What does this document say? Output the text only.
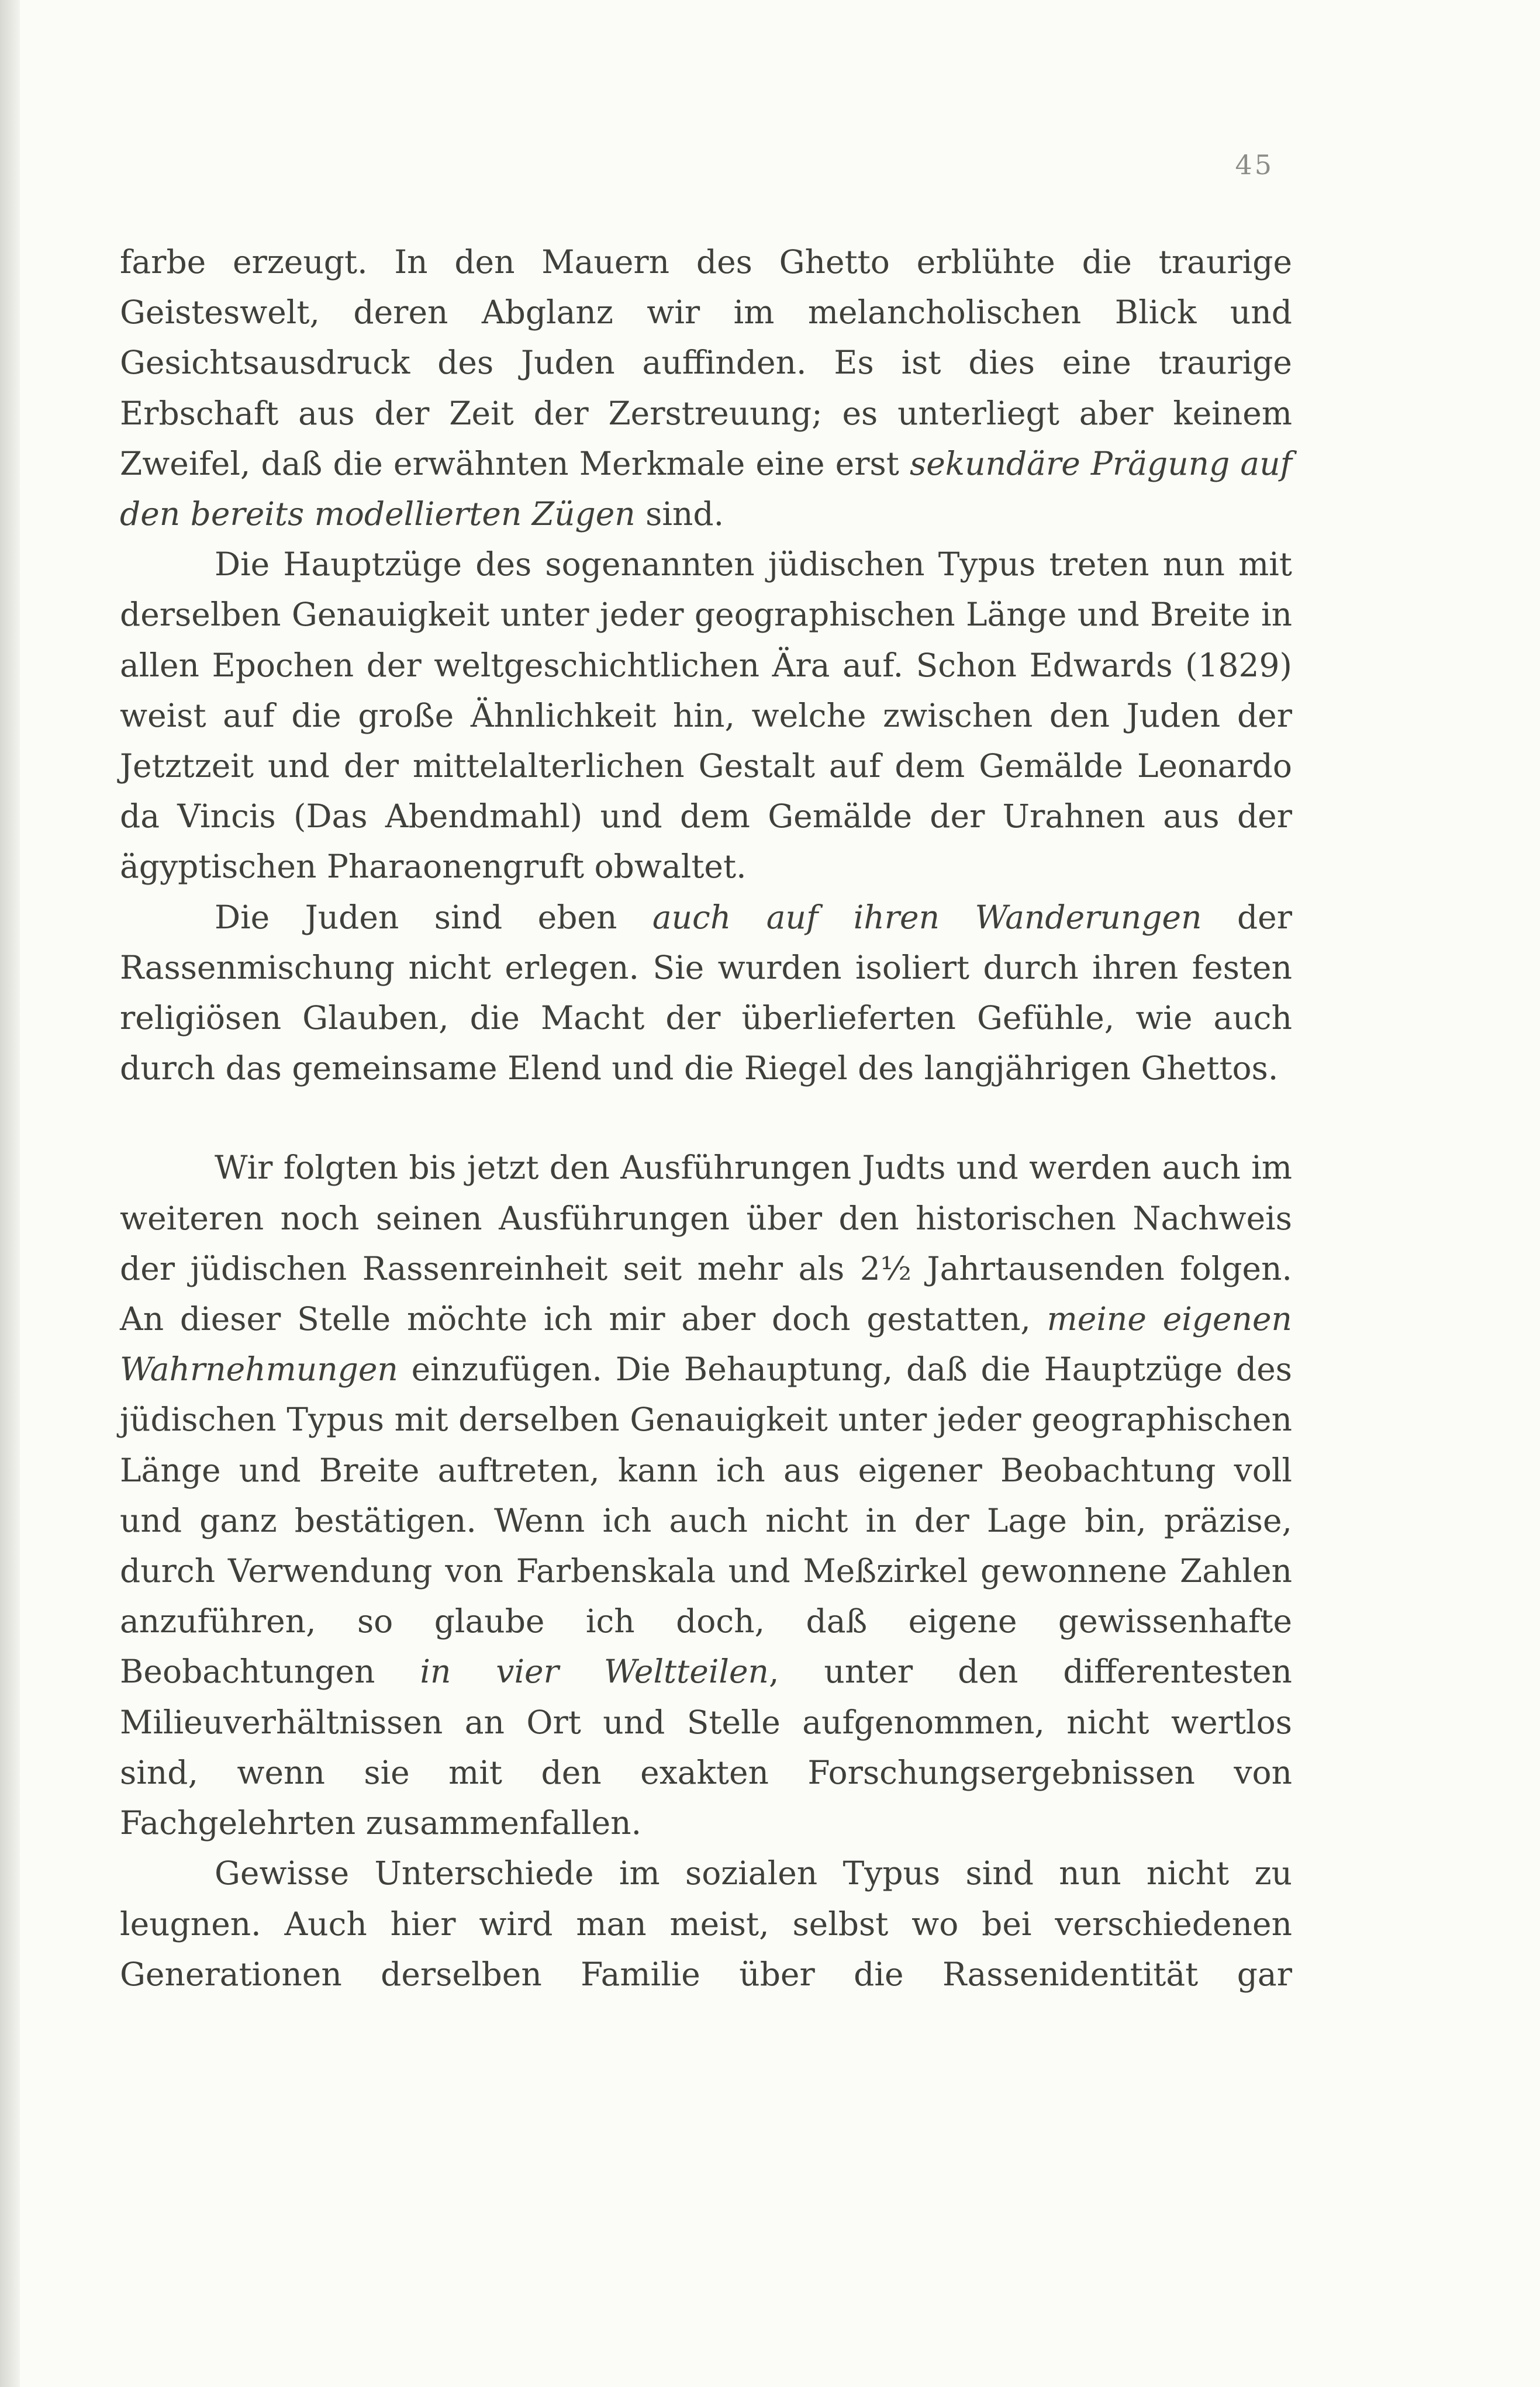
45

farbe erzeugt. In den Mauern des Ghetto erblühte die traurige Geisteswelt, deren Abglanz wir im melancholischen Blick und Gesichtsausdruck des Juden auffinden. Es ist dies eine traurige Erbschaft aus der Zeit der Zerstreuung; es unterliegt aber keinem Zweifel, daß die erwähnten Merkmale eine erst sekundäre Prägung auf den bereits modellierten Zügen sind.

Die Hauptzüge des sogenannten jüdischen Typus treten nun mit derselben Genauigkeit unter jeder geographischen Länge und Breite in allen Epochen der weltgeschichtlichen Ära auf. Schon Edwards (1829) weist auf die große Ähnlichkeit hin, welche zwischen den Juden der Jetztzeit und der mittelalterlichen Gestalt auf dem Gemälde Leonardo da Vincis (Das Abendmahl) und dem Gemälde der Urahnen aus der ägyptischen Pharaonengruft obwaltet.

Die Juden sind eben auch auf ihren Wanderungen der Rassenmischung nicht erlegen. Sie wurden isoliert durch ihren festen religiösen Glauben, die Macht der überlieferten Gefühle, wie auch durch das gemeinsame Elend und die Riegel des langjährigen Ghettos.

Wir folgten bis jetzt den Ausführungen Judts und werden auch im weiteren noch seinen Ausführungen über den historischen Nachweis der jüdischen Rassenreinheit seit mehr als 2½ Jahrtausenden folgen. An dieser Stelle möchte ich mir aber doch gestatten, meine eigenen Wahrnehmungen einzufügen. Die Behauptung, daß die Hauptzüge des jüdischen Typus mit derselben Genauigkeit unter jeder geographischen Länge und Breite auftreten, kann ich aus eigener Beobachtung voll und ganz bestätigen. Wenn ich auch nicht in der Lage bin, präzise, durch Verwendung von Farbenskala und Meßzirkel gewonnene Zahlen anzuführen, so glaube ich doch, daß eigene gewissenhafte Beobachtungen in vier Weltteilen, unter den differentesten Milieuverhältnissen an Ort und Stelle aufgenommen, nicht wertlos sind, wenn sie mit den exakten Forschungsergebnissen von Fachgelehrten zusammenfallen.

Gewisse Unterschiede im sozialen Typus sind nun nicht zu leugnen. Auch hier wird man meist, selbst wo bei verschiedenen Generationen derselben Familie über die Rassenidentität gar
